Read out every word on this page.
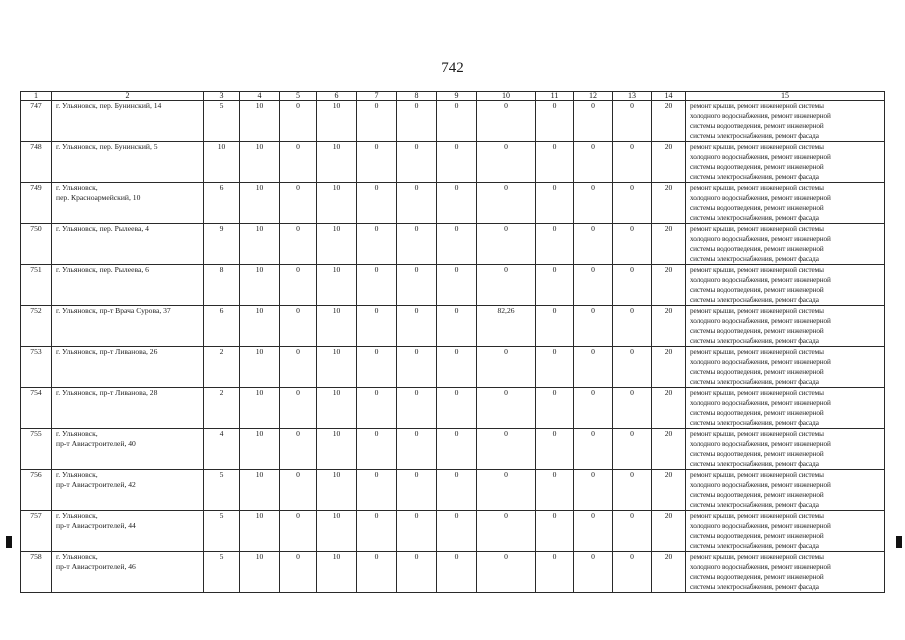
742
1	2	3	4	5	6	7	8	9	10	11	12	13	14	15
747	г. Ульяновск, пер. Бунинский, 14	5	10	0	10	0	0	0	0	0	0	0	20	ремонт крыши, ремонт инженерной системы
холодного водоснабжения, ремонт инженерной
системы водоотведения, ремонт инженерной
системы электроснабжения, ремонт фасада

748	г. Ульяновск, пер. Бунинский, 5	10	10	0	10	0	0	0	0	0	0	0	20	ремонт крыши, ремонт инженерной системы
холодного водоснабжения, ремонт инженерной
системы водоотведения, ремонт инженерной
системы электроснабжения, ремонт фасада

749	г. Ульяновск,
пер. Красноармейский, 10	6	10	0	10	0	0	0	0	0	0	0	20	ремонт крыши, ремонт инженерной системы
холодного водоснабжения, ремонт инженерной
системы водоотведения, ремонт инженерной
системы электроснабжения, ремонт фасада

750	г. Ульяновск, пер. Рылеева, 4	9	10	0	10	0	0	0	0	0	0	0	20	ремонт крыши, ремонт инженерной системы
холодного водоснабжения, ремонт инженерной
системы водоотведения, ремонт инженерной
системы электроснабжения, ремонт фасада

751	г. Ульяновск, пер. Рылеева, 6	8	10	0	10	0	0	0	0	0	0	0	20	ремонт крыши, ремонт инженерной системы
холодного водоснабжения, ремонт инженерной
системы водоотведения, ремонт инженерной
системы электроснабжения, ремонт фасада

752	г. Ульяновск, пр-т Врача Сурова, 37	6	10	0	10	0	0	0	82,26	0	0	0	20	ремонт крыши, ремонт инженерной системы
холодного водоснабжения, ремонт инженерной
системы водоотведения, ремонт инженерной
системы электроснабжения, ремонт фасада

753	г. Ульяновск, пр-т Ливанова, 26	2	10	0	10	0	0	0	0	0	0	0	20	ремонт крыши, ремонт инженерной системы
холодного водоснабжения, ремонт инженерной
системы водоотведения, ремонт инженерной
системы электроснабжения, ремонт фасада

754	г. Ульяновск, пр-т Ливанова, 28	2	10	0	10	0	0	0	0	0	0	0	20	ремонт крыши, ремонт инженерной системы
холодного водоснабжения, ремонт инженерной
системы водоотведения, ремонт инженерной
системы электроснабжения, ремонт фасада

755	г. Ульяновск,
пр-т Авиастроителей, 40	4	10	0	10	0	0	0	0	0	0	0	20	ремонт крыши, ремонт инженерной системы
холодного водоснабжения, ремонт инженерной
системы водоотведения, ремонт инженерной
системы электроснабжения, ремонт фасада

756	г. Ульяновск,
пр-т Авиастроителей, 42	5	10	0	10	0	0	0	0	0	0	0	20	ремонт крыши, ремонт инженерной системы
холодного водоснабжения, ремонт инженерной
системы водоотведения, ремонт инженерной
системы электроснабжения, ремонт фасада

757	г. Ульяновск,
пр-т Авиастроителей, 44	5	10	0	10	0	0	0	0	0	0	0	20	ремонт крыши, ремонт инженерной системы
холодного водоснабжения, ремонт инженерной
системы водоотведения, ремонт инженерной
системы электроснабжения, ремонт фасада

758	г. Ульяновск,
пр-т Авиастроителей, 46	5	10	0	10	0	0	0	0	0	0	0	20	ремонт крыши, ремонт инженерной системы
холодного водоснабжения, ремонт инженерной
системы водоотведения, ремонт инженерной
системы электроснабжения, ремонт фасада
